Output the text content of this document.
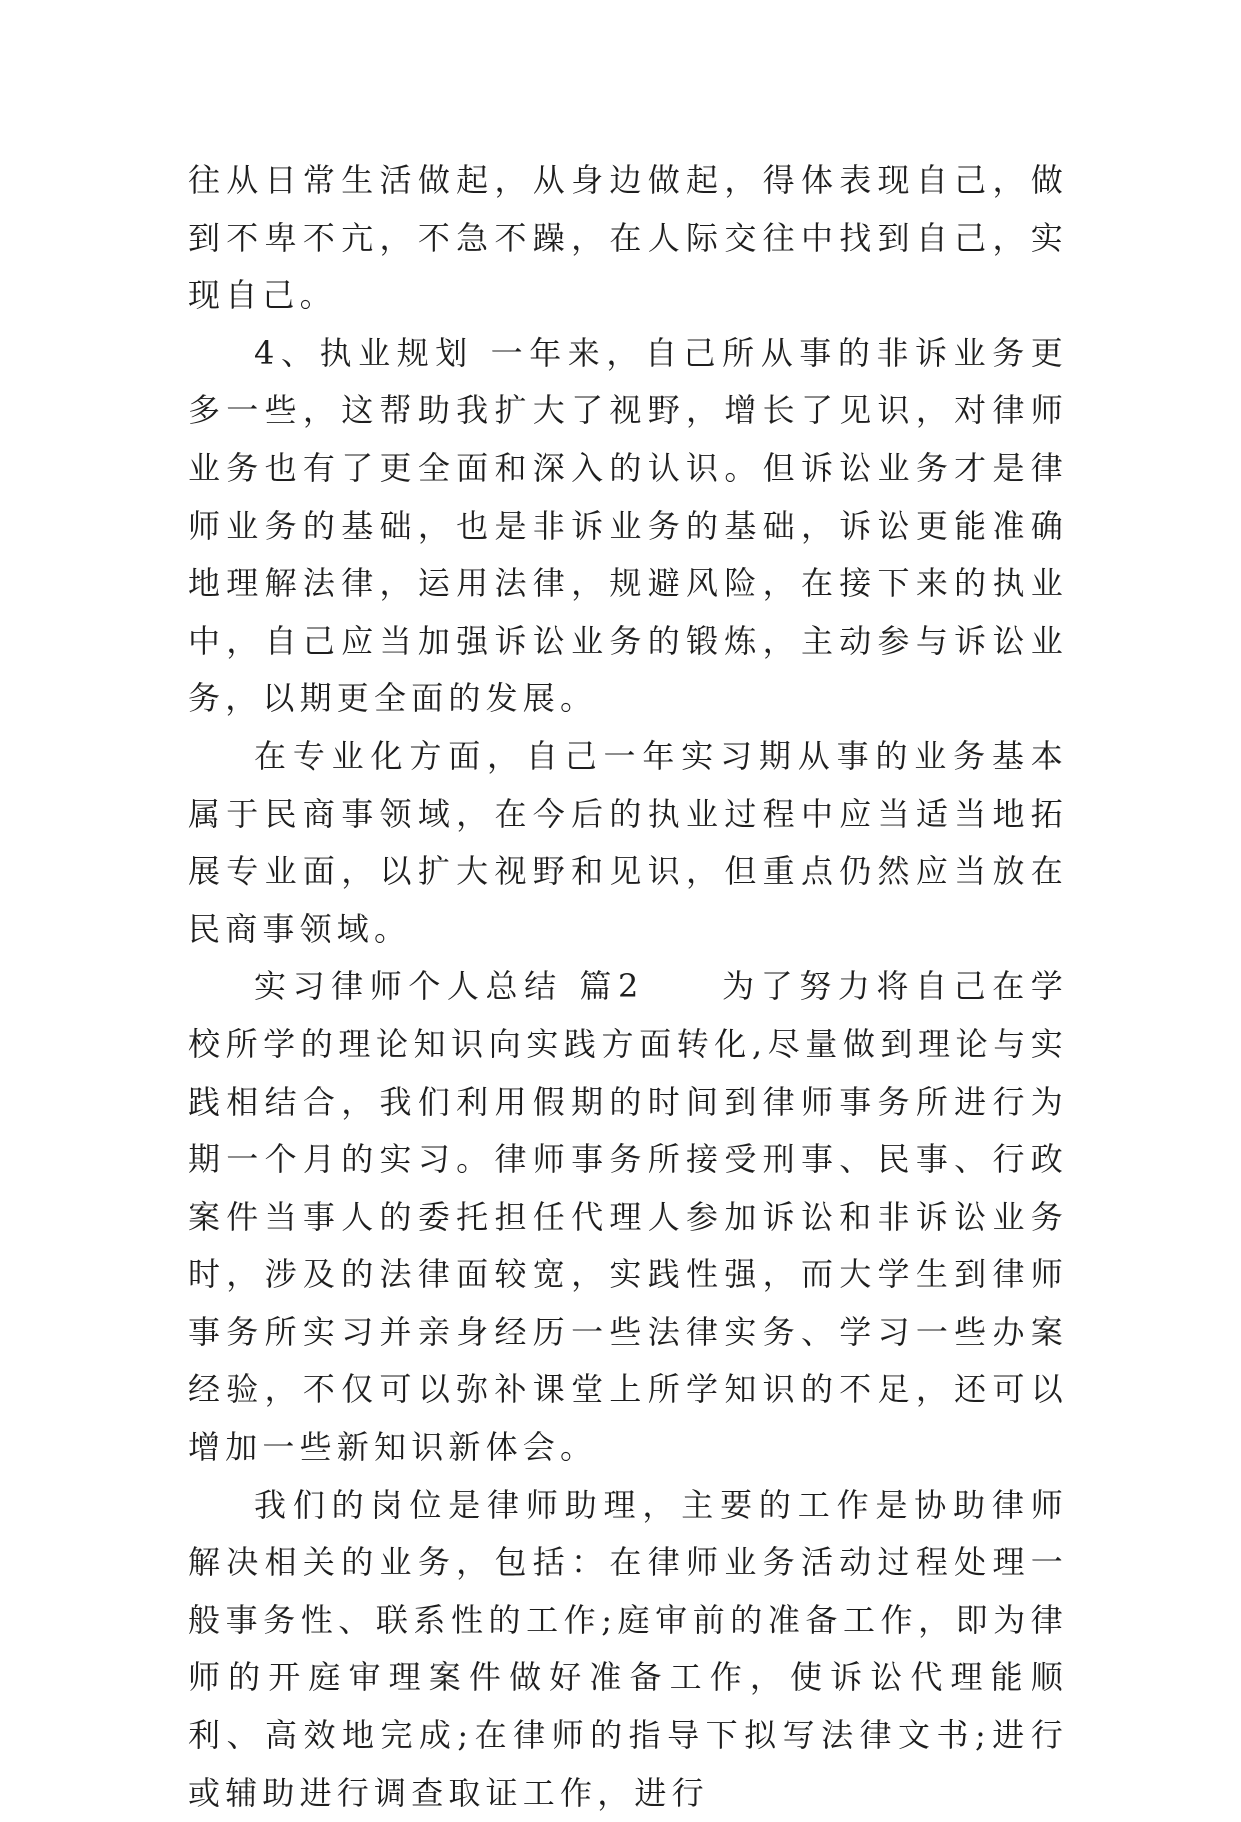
往从日常生活做起，从身边做起，得体表现自己，做到不卑不亢，不急不躁，在人际交往中找到自己，实现自己。

4、执业规划 一年来，自己所从事的非诉业务更多一些，这帮助我扩大了视野，增长了见识，对律师业务也有了更全面和深入的认识。但诉讼业务才是律师业务的基础，也是非诉业务的基础，诉讼更能准确地理解法律，运用法律，规避风险，在接下来的执业中，自己应当加强诉讼业务的锻炼，主动参与诉讼业务，以期更全面的发展。

在专业化方面，自己一年实习期从事的业务基本属于民商事领域，在今后的执业过程中应当适当地拓展专业面，以扩大视野和见识，但重点仍然应当放在民商事领域。

实习律师个人总结 篇2　　为了努力将自己在学校所学的理论知识向实践方面转化,尽量做到理论与实践相结合，我们利用假期的时间到律师事务所进行为期一个月的实习。律师事务所接受刑事、民事、行政案件当事人的委托担任代理人参加诉讼和非诉讼业务时，涉及的法律面较宽，实践性强，而大学生到律师事务所实习并亲身经历一些法律实务、学习一些办案经验，不仅可以弥补课堂上所学知识的不足，还可以增加一些新知识新体会。

我们的岗位是律师助理，主要的工作是协助律师解决相关的业务，包括：在律师业务活动过程处理一般事务性、联系性的工作;庭审前的准备工作，即为律师的开庭审理案件做好准备工作，使诉讼代理能顺利、高效地完成;在律师的指导下拟写法律文书;进行或辅助进行调查取证工作，进行
